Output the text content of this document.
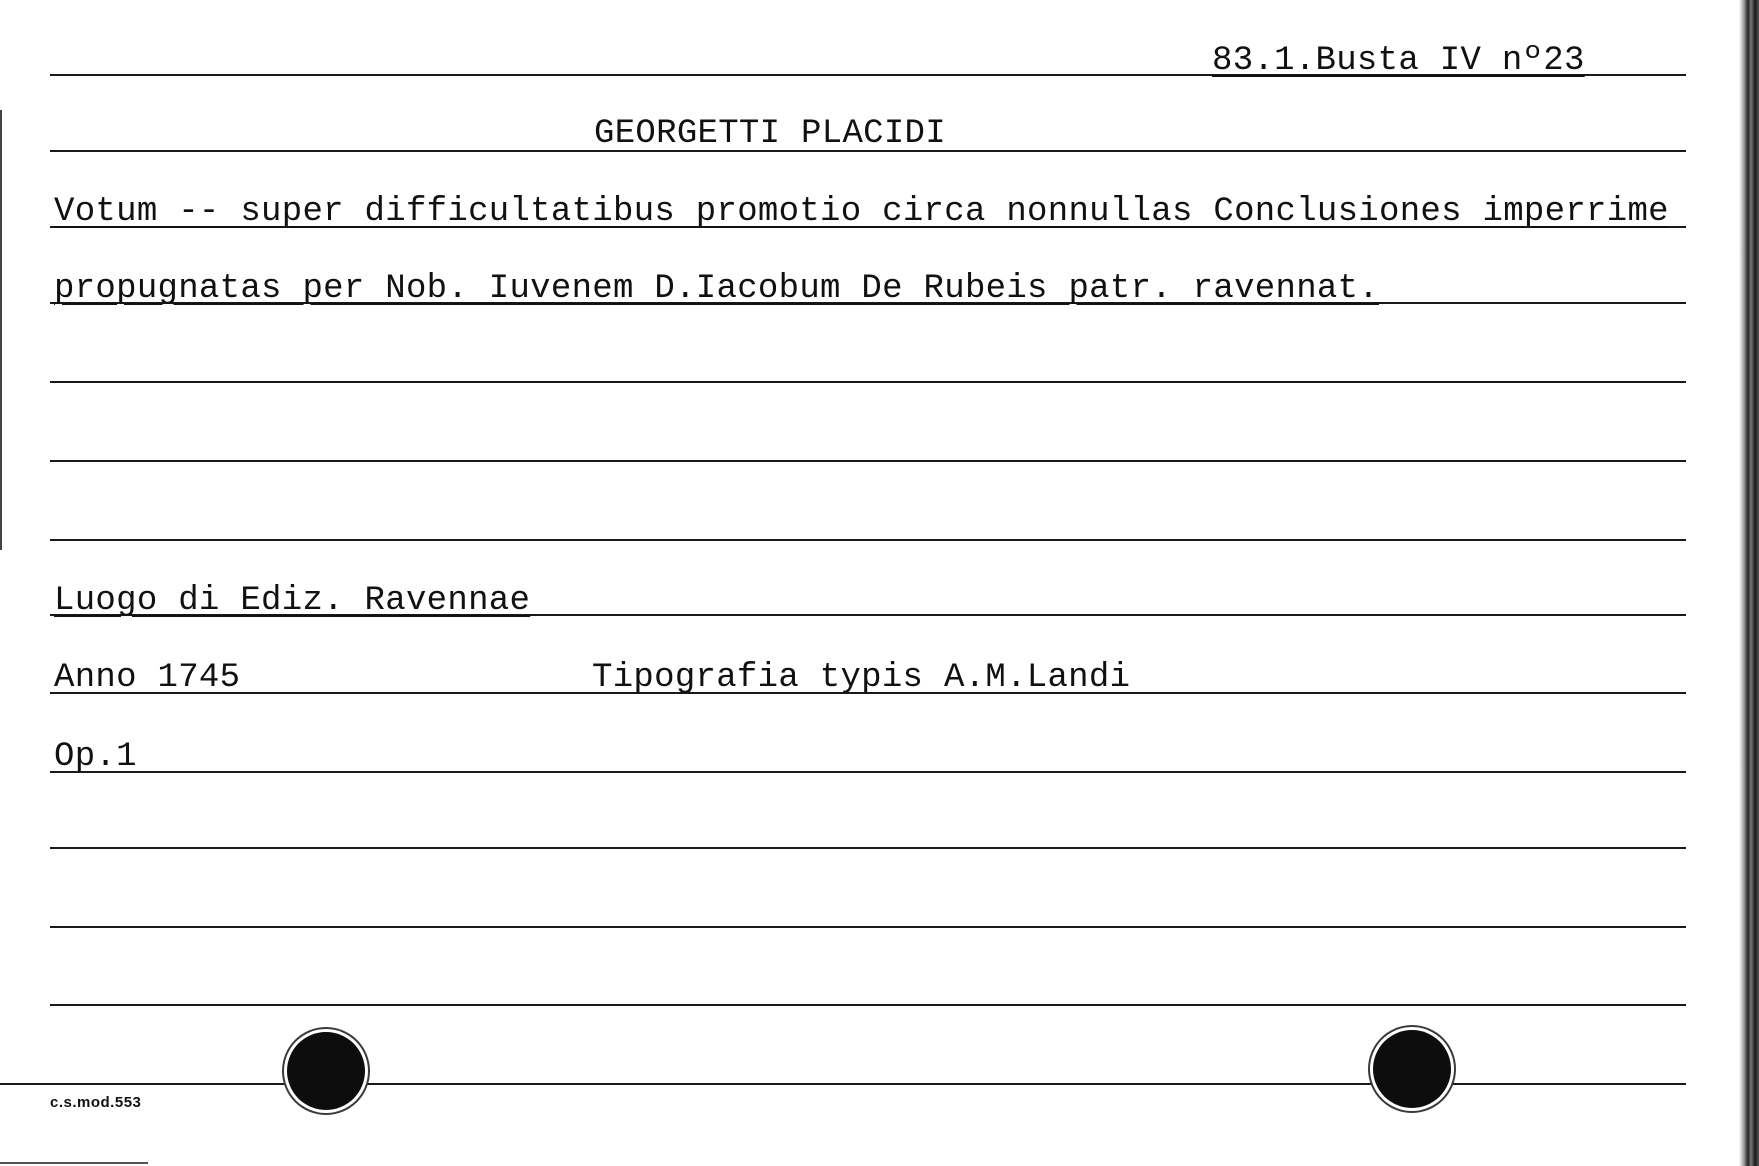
83.1.Busta IV nº23
GEORGETTI PLACIDI
Votum -- super difficultatibus promotio circa nonnullas Conclusiones imperrime
propugnatas per Nob. Iuvenem D.Iacobum De Rubeis patr. ravennat.
Luogo di Ediz. Ravennae
Anno 1745	Tipografia typis A.M.Landi
Op.1
c.s.mod.553
